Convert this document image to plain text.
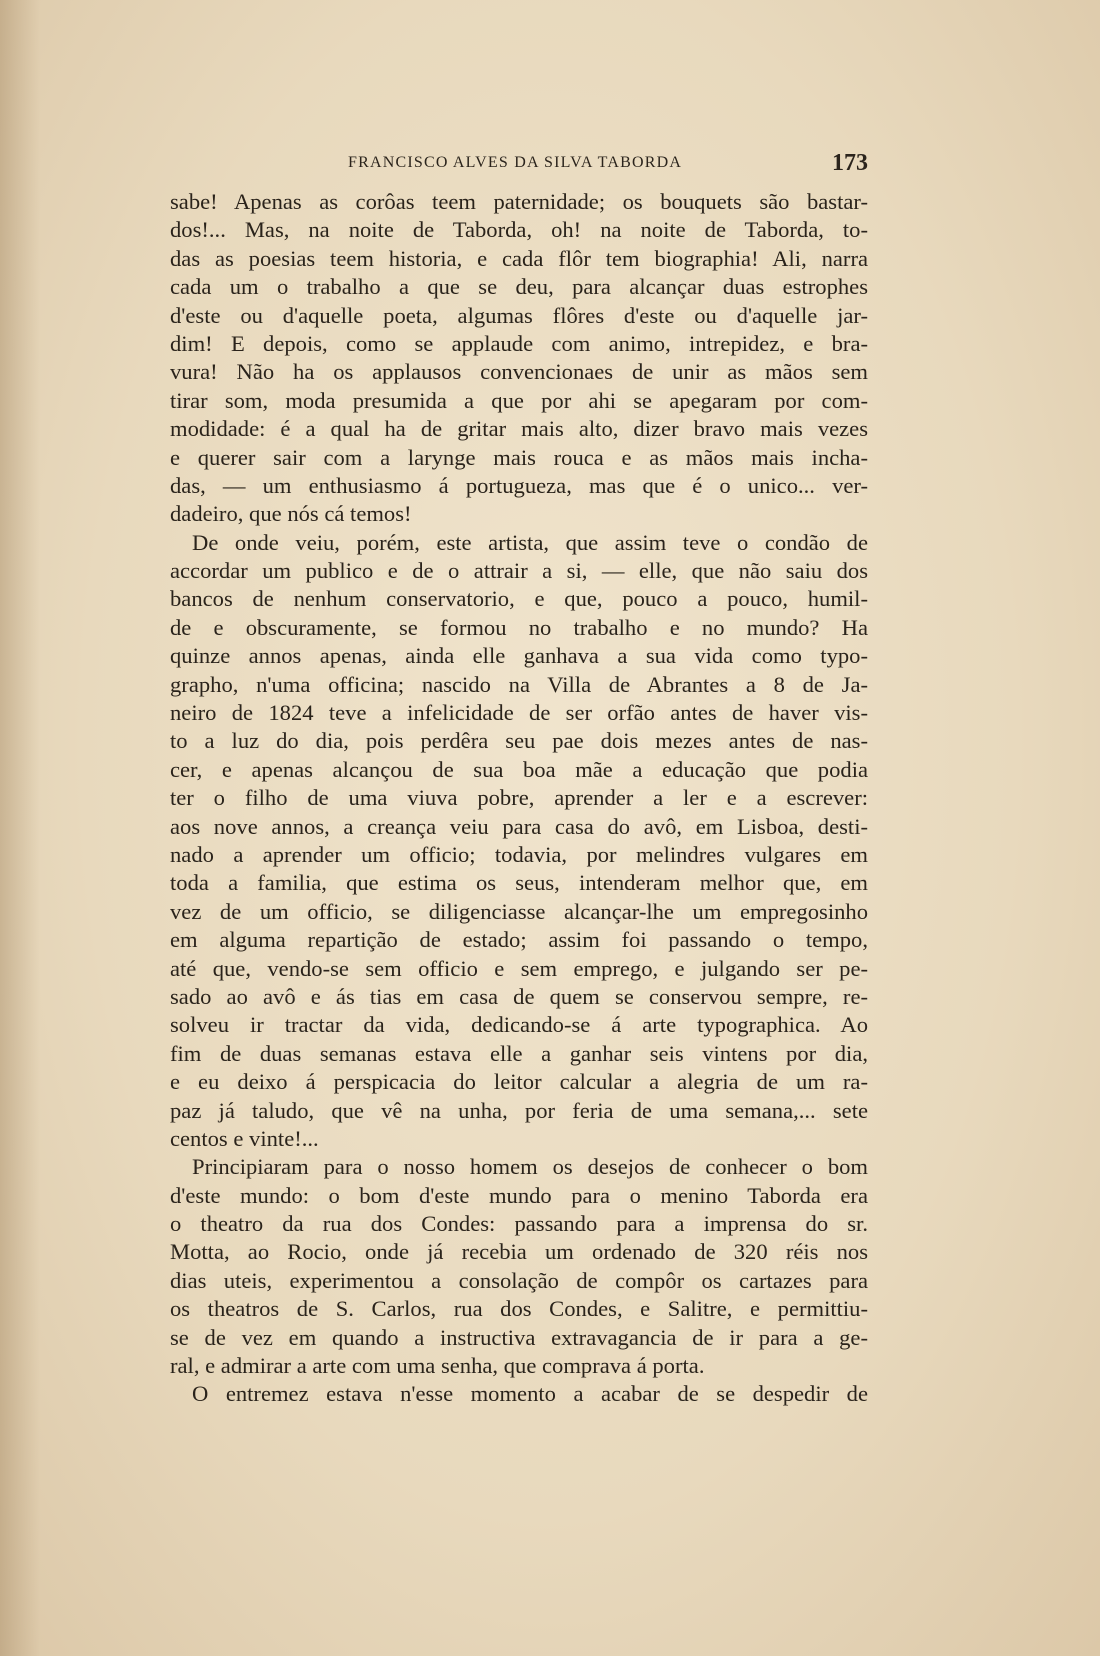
FRANCISCO ALVES DA SILVA TABORDA	173
sabe! Apenas as corôas teem paternidade; os bouquets são bastar-
dos!... Mas, na noite de Taborda, oh! na noite de Taborda, to-
das as poesias teem historia, e cada flôr tem biographia! Ali, narra
cada um o trabalho a que se deu, para alcançar duas estrophes
d'este ou d'aquelle poeta, algumas flôres d'este ou d'aquelle jar-
dim! E depois, como se applaude com animo, intrepidez, e bra-
vura! Não ha os applausos convencionaes de unir as mãos sem
tirar som, moda presumida a que por ahi se apegaram por com-
modidade: é a qual ha de gritar mais alto, dizer bravo mais vezes
e querer sair com a larynge mais rouca e as mãos mais incha-
das, — um enthusiasmo á portugueza, mas que é o unico... ver-
dadeiro, que nós cá temos!
De onde veiu, porém, este artista, que assim teve o condão de
accordar um publico e de o attrair a si, — elle, que não saiu dos
bancos de nenhum conservatorio, e que, pouco a pouco, humil-
de e obscuramente, se formou no trabalho e no mundo? Ha
quinze annos apenas, ainda elle ganhava a sua vida como typo-
grapho, n'uma officina; nascido na Villa de Abrantes a 8 de Ja-
neiro de 1824 teve a infelicidade de ser orfão antes de haver vis-
to a luz do dia, pois perdêra seu pae dois mezes antes de nas-
cer, e apenas alcançou de sua boa mãe a educação que podia
ter o filho de uma viuva pobre, aprender a ler e a escrever:
aos nove annos, a creança veiu para casa do avô, em Lisboa, desti-
nado a aprender um officio; todavia, por melindres vulgares em
toda a familia, que estima os seus, intenderam melhor que, em
vez de um officio, se diligenciasse alcançar-lhe um empregosinho
em alguma repartição de estado; assim foi passando o tempo,
até que, vendo-se sem officio e sem emprego, e julgando ser pe-
sado ao avô e ás tias em casa de quem se conservou sempre, re-
solveu ir tractar da vida, dedicando-se á arte typographica. Ao
fim de duas semanas estava elle a ganhar seis vintens por dia,
e eu deixo á perspicacia do leitor calcular a alegria de um ra-
paz já taludo, que vê na unha, por feria de uma semana,... sete
centos e vinte!...
Principiaram para o nosso homem os desejos de conhecer o bom
d'este mundo: o bom d'este mundo para o menino Taborda era
o theatro da rua dos Condes: passando para a imprensa do sr.
Motta, ao Rocio, onde já recebia um ordenado de 320 réis nos
dias uteis, experimentou a consolação de compôr os cartazes para
os theatros de S. Carlos, rua dos Condes, e Salitre, e permittiu-
se de vez em quando a instructiva extravagancia de ir para a ge-
ral, e admirar a arte com uma senha, que comprava á porta.
O entremez estava n'esse momento a acabar de se despedir de
